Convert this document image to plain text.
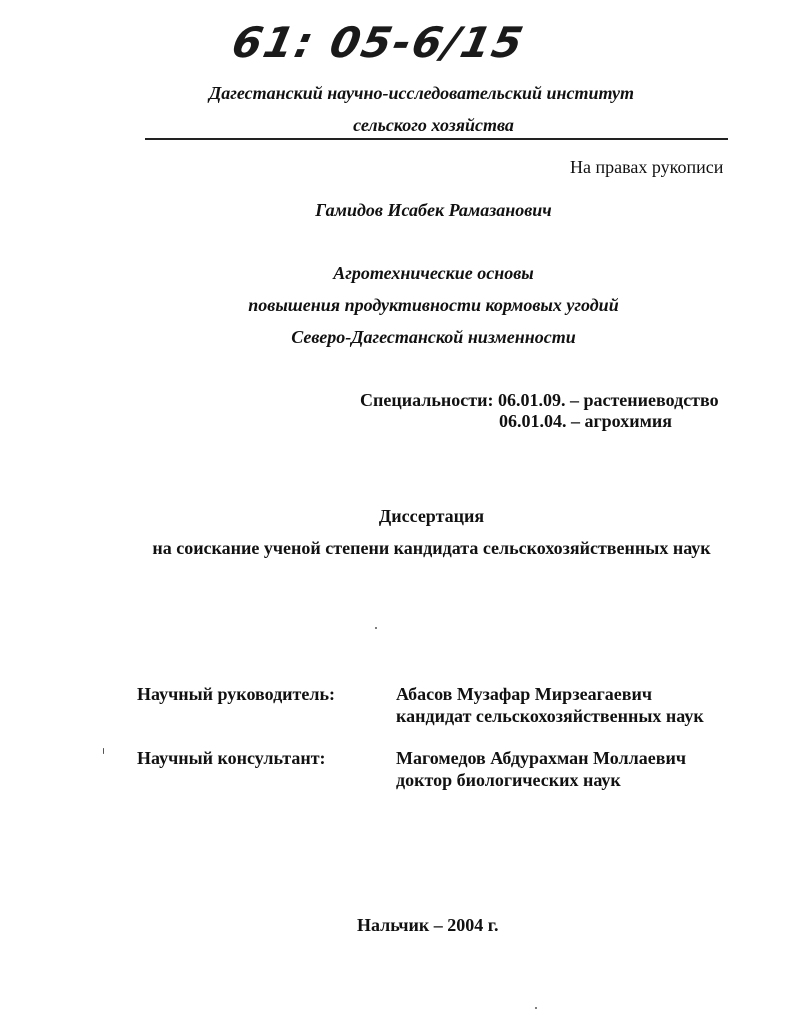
61: 05-6/15
Дагестанский научно-исследовательский институт
сельского хозяйства
На правах рукописи
Гамидов Исабек Рамазанович
Агротехнические основы
повышения продуктивности кормовых угодий
Северо-Дагестанской низменности
Специальности: 06.01.09. – растениеводство
06.01.04. – агрохимия
Диссертация
на соискание ученой степени кандидата сельскохозяйственных наук
Научный руководитель:	Абасов Музафар Мирзеагаевич
кандидат сельскохозяйственных наук
Научный консультант:	Магомедов Абдурахман Моллаевич
доктор биологических наук
Нальчик – 2004 г.
